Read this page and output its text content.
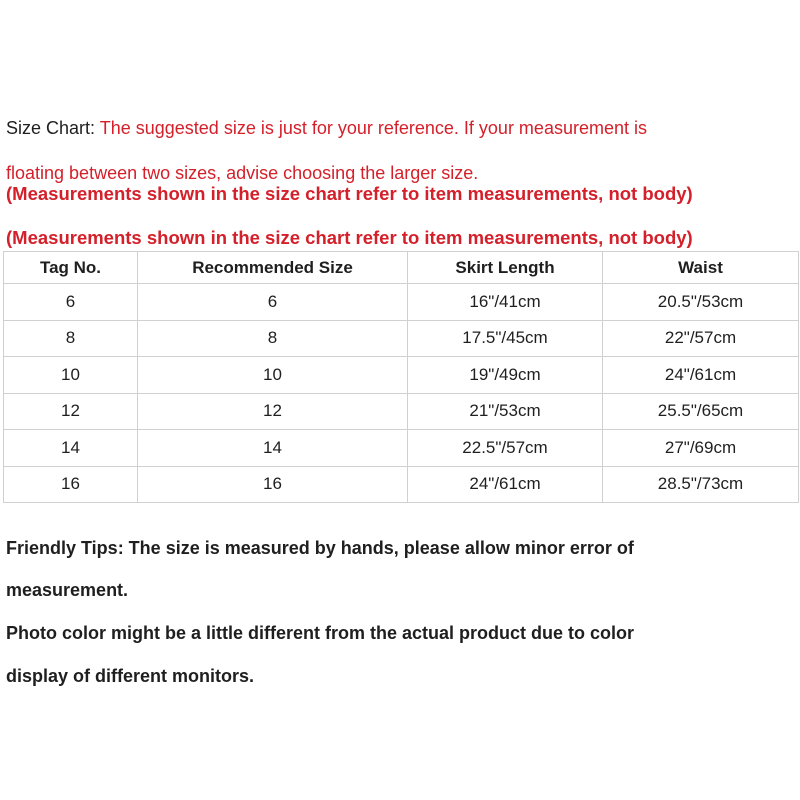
Size Chart: The suggested size is just for your reference. If your measurement is
floating between two sizes, advise choosing the larger size.
(Measurements shown in the size chart refer to item measurements, not body)
(Measurements shown in the size chart refer to item measurements, not body)
Tag No.	Recommended Size	Skirt Length	Waist
6	6	16"/41cm	20.5"/53cm
8	8	17.5"/45cm	22"/57cm
10	10	19"/49cm	24"/61cm
12	12	21"/53cm	25.5"/65cm
14	14	22.5"/57cm	27"/69cm
16	16	24"/61cm	28.5"/73cm
Friendly Tips: The size is measured by hands, please allow minor error of
measurement.
Photo color might be a little different from the actual product due to color
display of different monitors.
